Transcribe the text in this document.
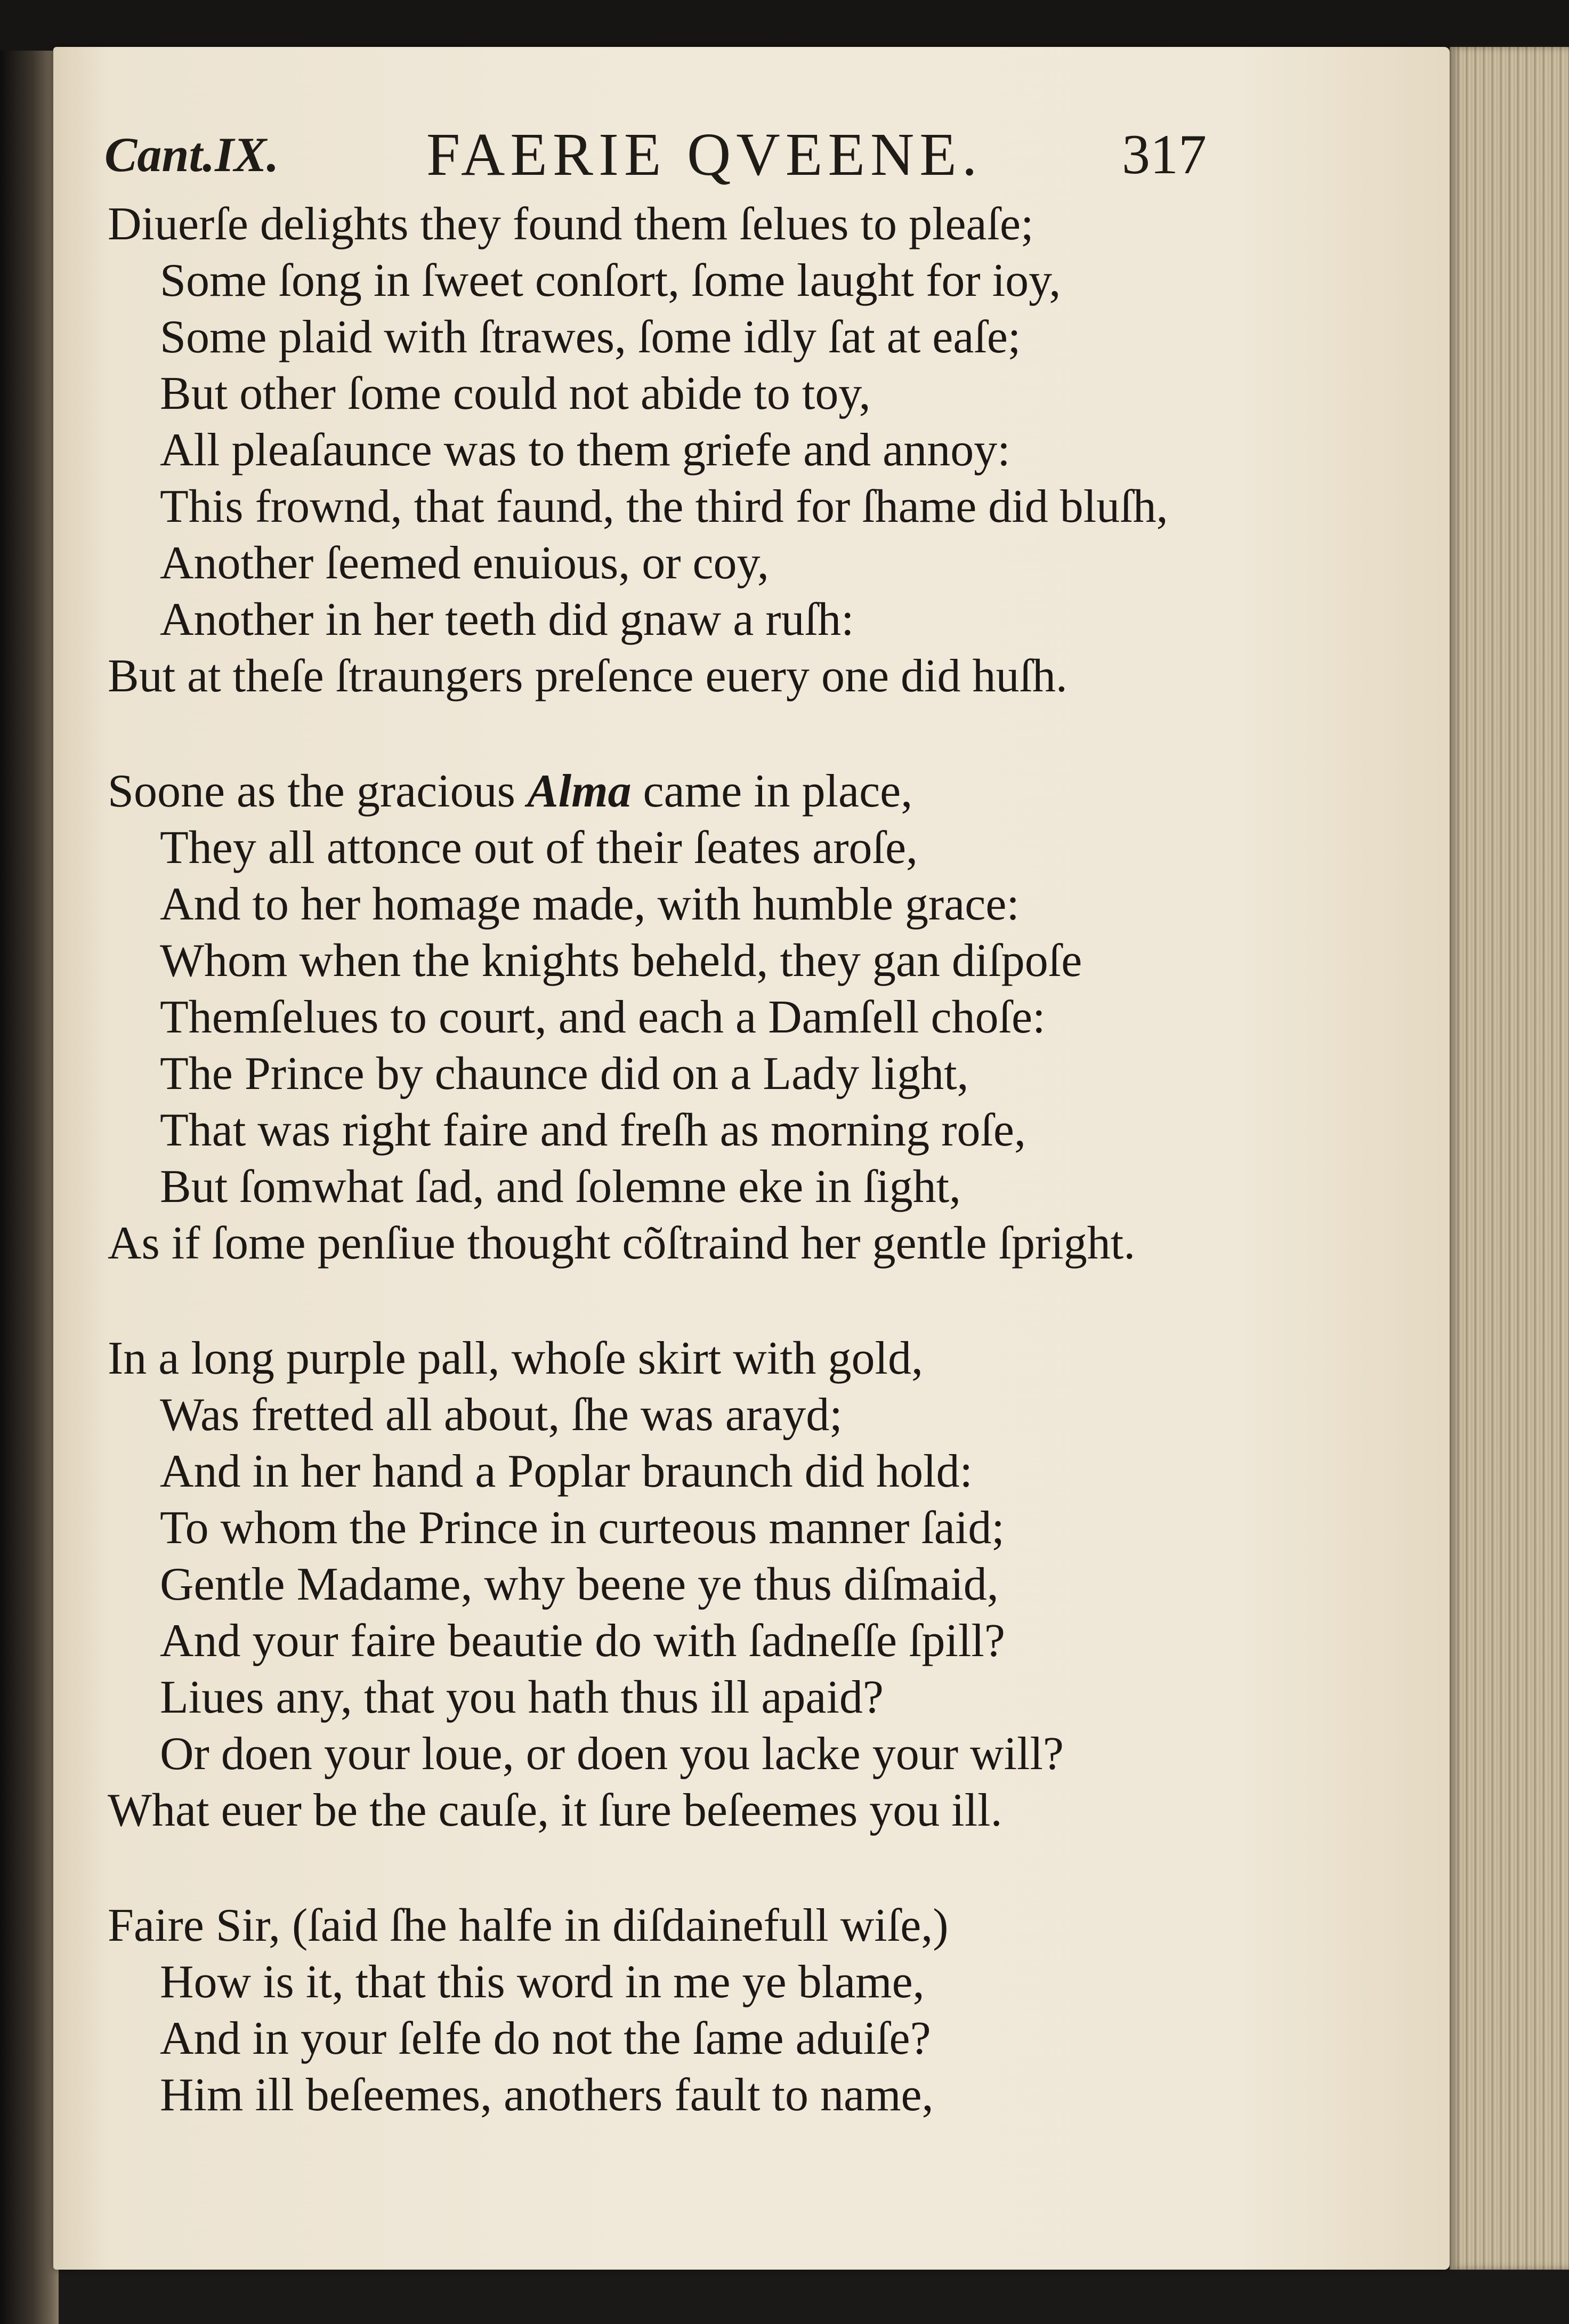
Cant.IX. FAERIE QVEENE. 317
Diuerſe delights they found them ſelues to pleaſe;
Some ſong in ſweet conſort, ſome laught for ioy,
Some plaid with ſtrawes, ſome idly ſat at eaſe;
But other ſome could not abide to toy,
All pleaſaunce was to them griefe and annoy:
This frownd, that faund, the third for ſhame did bluſh,
Another ſeemed enuious, or coy,
Another in her teeth did gnaw a ruſh:
But at theſe ſtraungers preſence euery one did huſh.
Soone as the gracious Alma came in place,
They all attonce out of their ſeates aroſe,
And to her homage made, with humble grace:
Whom when the knights beheld, they gan diſpoſe
Themſelues to court, and each a Damſell choſe:
The Prince by chaunce did on a Lady light,
That was right faire and freſh as morning roſe,
But ſomwhat ſad, and ſolemne eke in ſight,
As if ſome penſiue thought cõſtraind her gentle ſpright.
In a long purple pall, whoſe skirt with gold,
Was fretted all about, ſhe was arayd;
And in her hand a Poplar braunch did hold:
To whom the Prince in curteous manner ſaid;
Gentle Madame, why beene ye thus diſmaid,
And your faire beautie do with ſadneſſe ſpill?
Liues any, that you hath thus ill apaid?
Or doen your loue, or doen you lacke your will?
What euer be the cauſe, it ſure beſeemes you ill.
Faire Sir, (ſaid ſhe halfe in diſdainefull wiſe,)
How is it, that this word in me ye blame,
And in your ſelfe do not the ſame aduiſe?
Him ill beſeemes, anothers fault to name,
